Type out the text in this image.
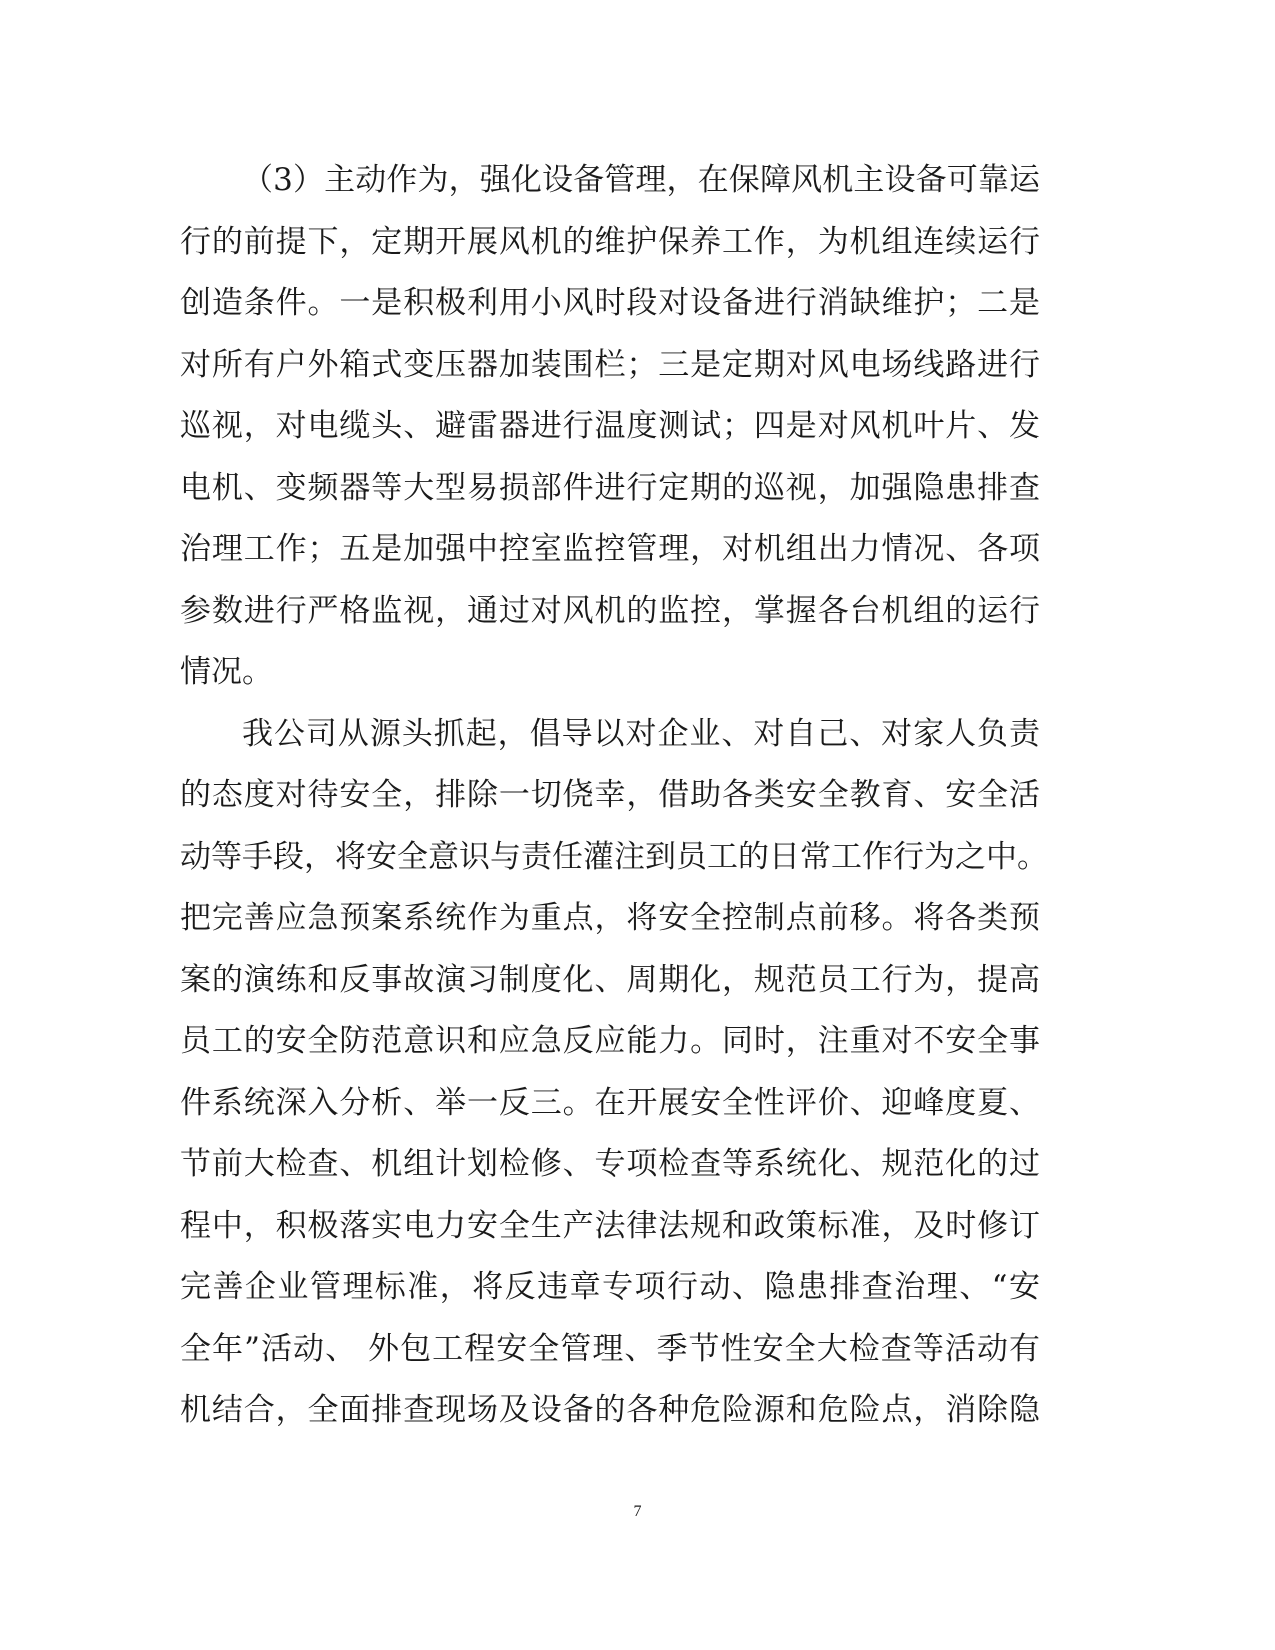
（3）主动作为，强化设备管理，在保障风机主设备可靠运
行的前提下，定期开展风机的维护保养工作，为机组连续运行
创造条件。一是积极利用小风时段对设备进行消缺维护；二是
对所有户外箱式变压器加装围栏；三是定期对风电场线路进行
巡视，对电缆头、避雷器进行温度测试；四是对风机叶片、发
电机、变频器等大型易损部件进行定期的巡视，加强隐患排查
治理工作；五是加强中控室监控管理，对机组出力情况、各项
参数进行严格监视，通过对风机的监控，掌握各台机组的运行
情况。
我公司从源头抓起，倡导以对企业、对自己、对家人负责
的态度对待安全，排除一切侥幸，借助各类安全教育、安全活
动等手段，将安全意识与责任灌注到员工的日常工作行为之中。
把完善应急预案系统作为重点，将安全控制点前移。将各类预
案的演练和反事故演习制度化、周期化，规范员工行为，提高
员工的安全防范意识和应急反应能力。同时，注重对不安全事
件系统深入分析、举一反三。在开展安全性评价、迎峰度夏、
节前大检查、机组计划检修、专项检查等系统化、规范化的过
程中，积极落实电力安全生产法律法规和政策标准，及时修订
完善企业管理标准，将反违章专项行动、隐患排查治理、“安
全年”活动、 外包工程安全管理、季节性安全大检查等活动有
机结合，全面排查现场及设备的各种危险源和危险点，消除隐
7
